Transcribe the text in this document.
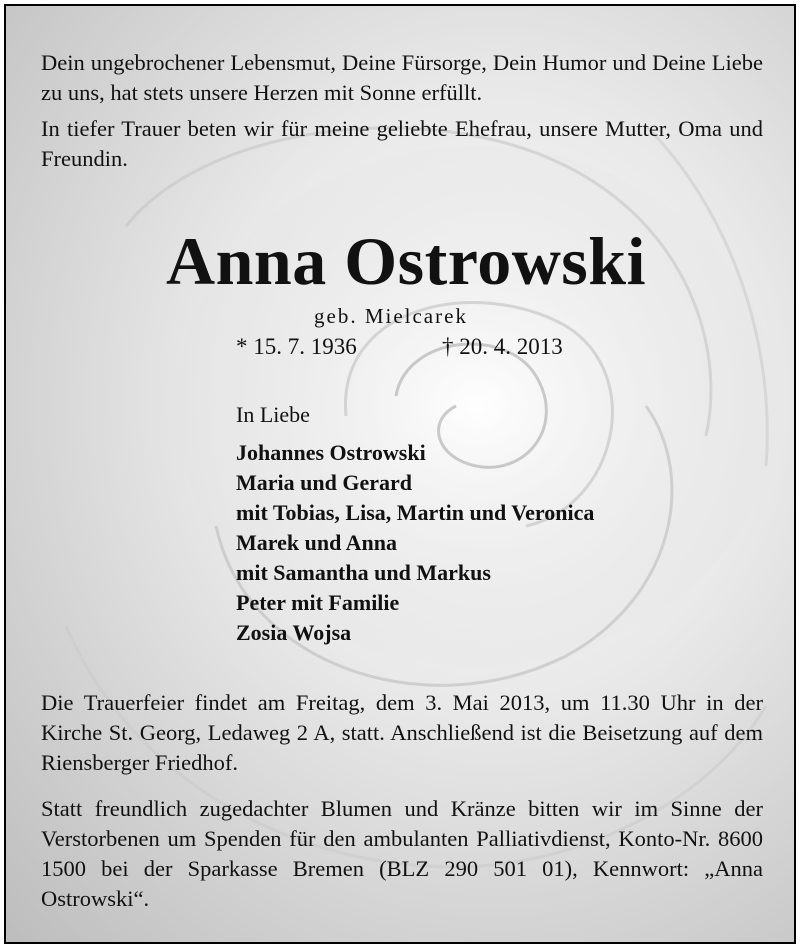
Dein ungebrochener Lebensmut, Deine Fürsorge, Dein Humor und Deine Liebe zu uns, hat stets unsere Herzen mit Sonne erfüllt.
In tiefer Trauer beten wir für meine geliebte Ehefrau, unsere Mutter, Oma und Freundin.
Anna Ostrowski
geb. Mielcarek
* 15. 7. 1936	† 20. 4. 2013
In Liebe
Johannes Ostrowski
Maria und Gerard
mit Tobias, Lisa, Martin und Veronica
Marek und Anna
mit Samantha und Markus
Peter mit Familie
Zosia Wojsa
Die Trauerfeier findet am Freitag, dem 3. Mai 2013, um 11.30 Uhr in der Kirche St. Georg, Ledaweg 2 A, statt. Anschließend ist die Beisetzung auf dem Riensberger Friedhof.
Statt freundlich zugedachter Blumen und Kränze bitten wir im Sinne der Verstorbenen um Spenden für den ambulanten Palliativdienst, Konto-Nr. 8600 1500 bei der Sparkasse Bremen (BLZ 290 501 01), Kennwort: „Anna Ostrowski“.
